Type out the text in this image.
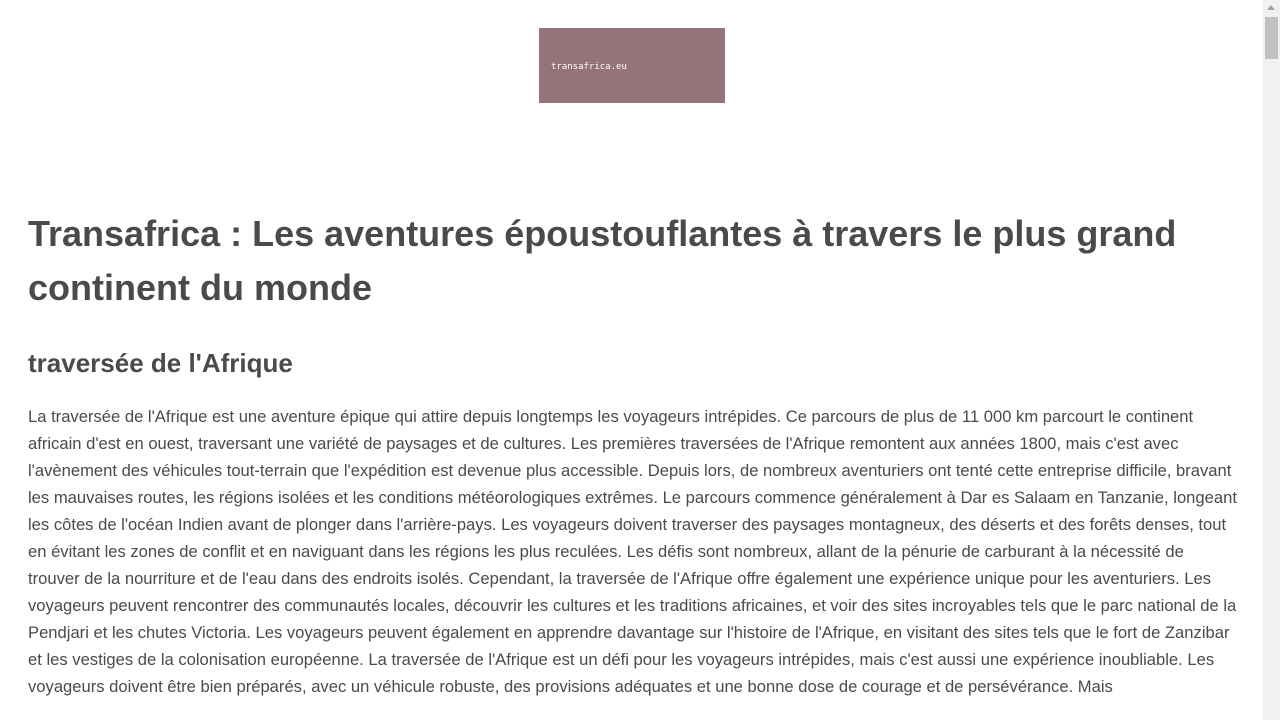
transafrica.eu
Transafrica : Les aventures époustouflantes à travers le plus grand continent du monde
traversée de l'Afrique

La traversée de l'Afrique est une aventure épique qui attire depuis longtemps les voyageurs intrépides. Ce parcours de plus de 11 000 km parcourt le continent africain d'est en ouest, traversant une variété de paysages et de cultures. Les premières traversées de l'Afrique remontent aux années 1800, mais c'est avec l'avènement des véhicules tout-terrain que l'expédition est devenue plus accessible. Depuis lors, de nombreux aventuriers ont tenté cette entreprise difficile, bravant les mauvaises routes, les régions isolées et les conditions météorologiques extrêmes. Le parcours commence généralement à Dar es Salaam en Tanzanie, longeant les côtes de l'océan Indien avant de plonger dans l'arrière-pays. Les voyageurs doivent traverser des paysages montagneux, des déserts et des forêts denses, tout en évitant les zones de conflit et en naviguant dans les régions les plus reculées. Les défis sont nombreux, allant de la pénurie de carburant à la nécessité de trouver de la nourriture et de l'eau dans des endroits isolés. Cependant, la traversée de l'Afrique offre également une expérience unique pour les aventuriers. Les voyageurs peuvent rencontrer des communautés locales, découvrir les cultures et les traditions africaines, et voir des sites incroyables tels que le parc national de la Pendjari et les chutes Victoria. Les voyageurs peuvent également en apprendre davantage sur l'histoire de l'Afrique, en visitant des sites tels que le fort de Zanzibar et les vestiges de la colonisation européenne. La traversée de l'Afrique est un défi pour les voyageurs intrépides, mais c'est aussi une expérience inoubliable. Les voyageurs doivent être bien préparés, avec un véhicule robuste, des provisions adéquates et une bonne dose de courage et de persévérance. Mais
